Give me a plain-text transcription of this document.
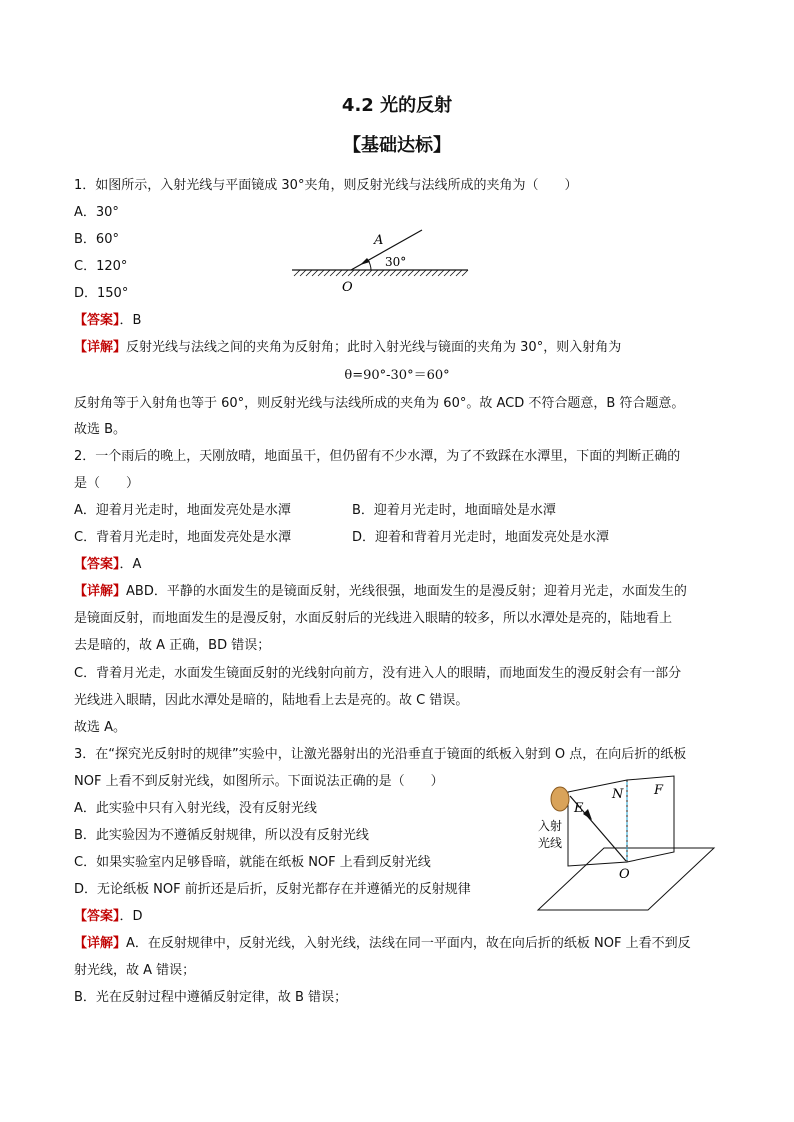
4.2 光的反射
【基础达标】
1．如图所示，入射光线与平面镜成 30°夹角，则反射光线与法线所成的夹角为（　　）
A．30°
B．60°
C．120°
D．150°
A
30°
O
【答案】．B
【详解】反射光线与法线之间的夹角为反射角；此时入射光线与镜面的夹角为 30°，则入射角为
θ=90°-30°＝60°
反射角等于入射角也等于 60°，则反射光线与法线所成的夹角为 60°。故 ACD 不符合题意，B 符合题意。
故选 B。
2．一个雨后的晚上，天刚放晴，地面虽干，但仍留有不少水潭，为了不致踩在水潭里，下面的判断正确的
是（　　）
A．迎着月光走时，地面发亮处是水潭	B．迎着月光走时，地面暗处是水潭
C．背着月光走时，地面发亮处是水潭	D．迎着和背着月光走时，地面发亮处是水潭
【答案】．A
【详解】ABD．平静的水面发生的是镜面反射，光线很强，地面发生的是漫反射；迎着月光走，水面发生的
是镜面反射，而地面发生的是漫反射，水面反射后的光线进入眼睛的较多，所以水潭处是亮的，陆地看上
去是暗的，故 A 正确，BD 错误；
C．背着月光走，水面发生镜面反射的光线射向前方，没有进入人的眼睛，而地面发生的漫反射会有一部分
光线进入眼睛，因此水潭处是暗的，陆地看上去是亮的。故 C 错误。
故选 A。
3．在“探究光反射时的规律”实验中，让激光器射出的光沿垂直于镜面的纸板入射到 O 点，在向后折的纸板
NOF 上看不到反射光线，如图所示。下面说法正确的是（　　）
A．此实验中只有入射光线，没有反射光线
B．此实验因为不遵循反射规律，所以没有反射光线
C．如果实验室内足够昏暗，就能在纸板 NOF 上看到反射光线
D．无论纸板 NOF 前折还是后折，反射光都存在并遵循光的反射规律
E
N F
O
入射
光线
【答案】．D
【详解】A．在反射规律中，反射光线，入射光线，法线在同一平面内，故在向后折的纸板 NOF 上看不到反
射光线，故 A 错误；
B．光在反射过程中遵循反射定律，故 B 错误；
